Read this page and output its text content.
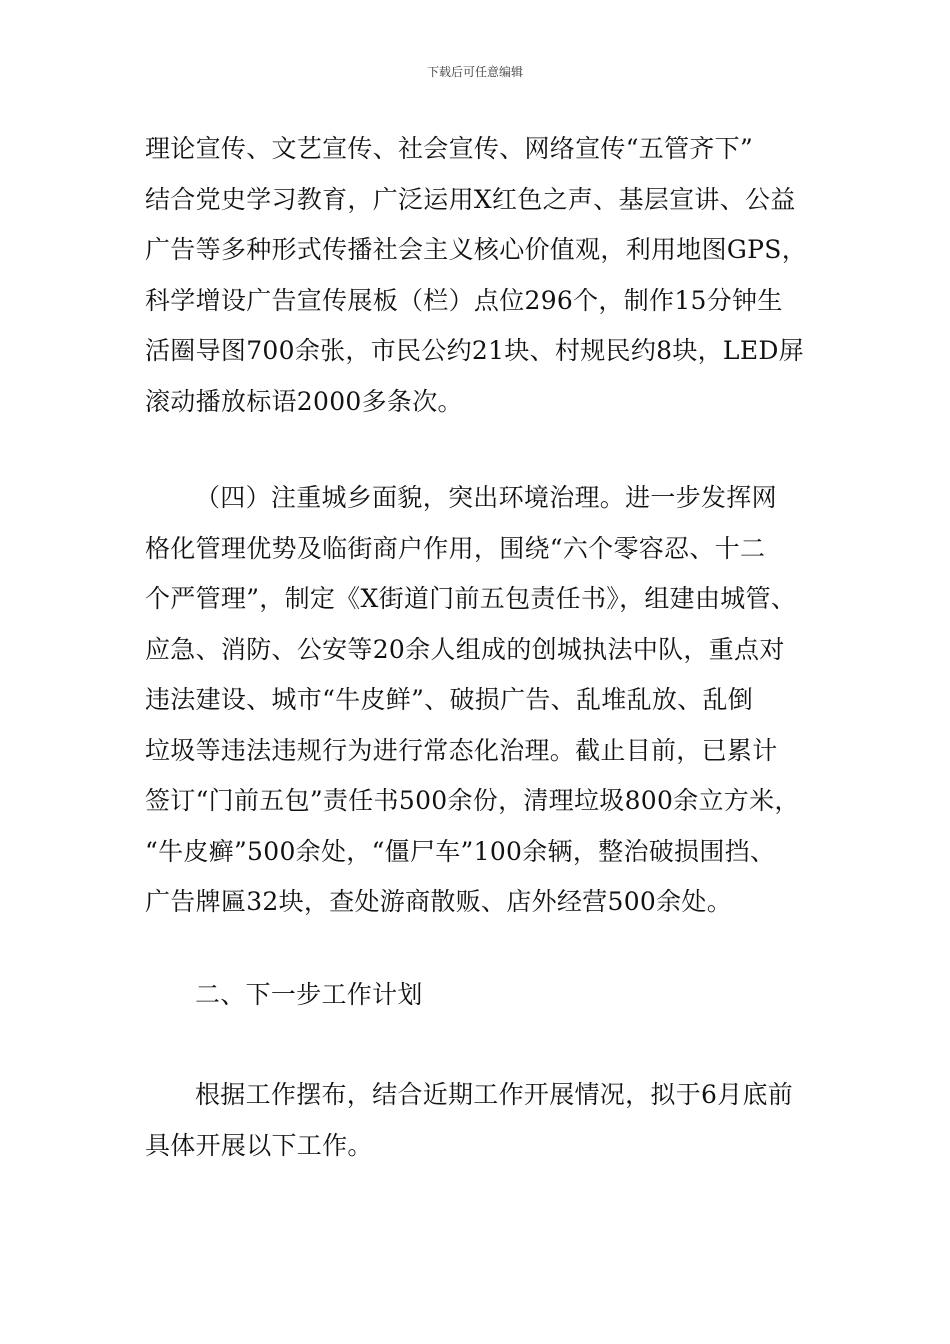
下载后可任意编辑
理论宣传、文艺宣传、社会宣传、网络宣传“五管齐下”
结合党史学习教育，广泛运用X红色之声、基层宣讲、公益
广告等多种形式传播社会主义核心价值观，利用地图GPS，
科学增设广告宣传展板（栏）点位296个，制作15分钟生
活圈导图700余张，市民公约21块、村规民约8块，LED屏
滚动播放标语2000多条次。
（四）注重城乡面貌，突出环境治理。进一步发挥网
格化管理优势及临街商户作用，围绕“六个零容忍、十二
个严管理”，制定《X街道门前五包责任书》，组建由城管、
应急、消防、公安等20余人组成的创城执法中队，重点对
违法建设、城市“牛皮鲜”、破损广告、乱堆乱放、乱倒
垃圾等违法违规行为进行常态化治理。截止目前，已累计
签订“门前五包”责任书500余份，清理垃圾800余立方米，
“牛皮癣”500余处，“僵尸车”100余辆，整治破损围挡、
广告牌匾32块，查处游商散贩、店外经营500余处。
二、下一步工作计划
根据工作摆布，结合近期工作开展情况，拟于6月底前
具体开展以下工作。
